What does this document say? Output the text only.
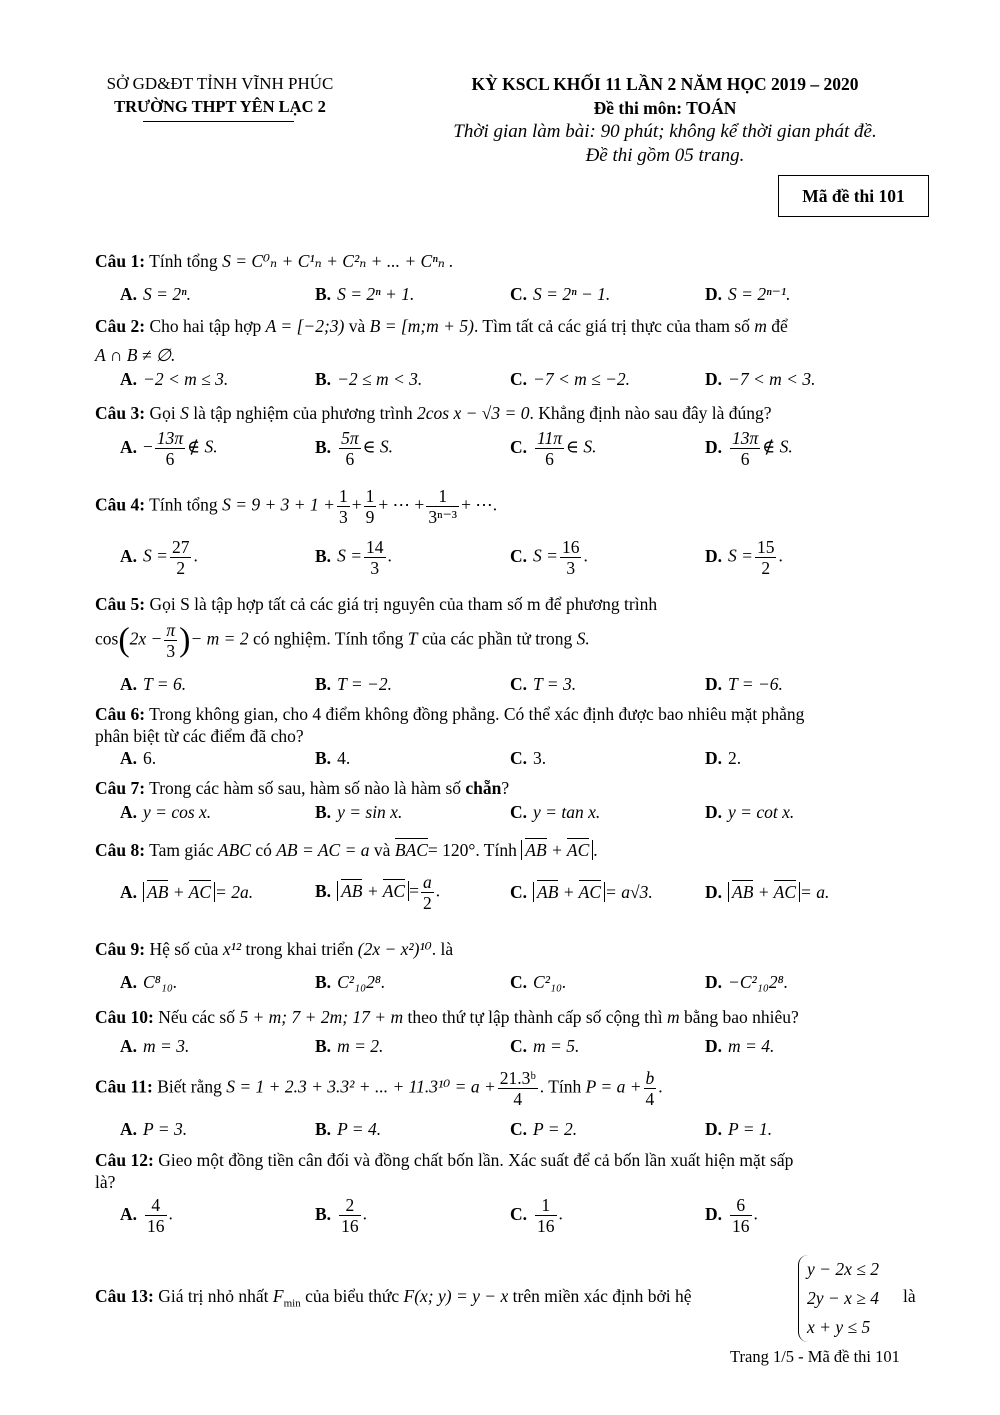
SỞ GD&ĐT TỈNH VĨNH PHÚC
TRƯỜNG THPT YÊN LẠC 2
KỲ KSCL KHỐI 11 LẦN 2 NĂM HỌC 2019 – 2020
Đề thi môn: TOÁN
Thời gian làm bài: 90 phút; không kể thời gian phát đề.
Đề thi gồm 05 trang.
Mã đề thi 101
Câu 1: Tính tổng S = C⁰ₙ + C¹ₙ + C²ₙ + ... + Cⁿₙ .
A. S = 2ⁿ.	B. S = 2ⁿ + 1.	C. S = 2ⁿ − 1.	D. S = 2ⁿ⁻¹.
Câu 2: Cho hai tập hợp A = [−2;3) và B = [m;m + 5). Tìm tất cả các giá trị thực của tham số m để
A ∩ B ≠ ∅.
A. −2 < m ≤ 3.	B. −2 ≤ m < 3.	C. −7 < m ≤ −2.	D. −7 < m < 3.
Câu 3: Gọi S là tập nghiệm của phương trình 2cos x − √3 = 0. Khẳng định nào sau đây là đúng?
A. − $\frac{13\pi}{6}$ ∉ S.	B. $\frac{5\pi}{6}$ ∈ S.	C. $\frac{11\pi}{6}$ ∈ S.	D. $\frac{13\pi}{6}$ ∉ S.
Câu 4: Tính tổng $S = 9 + 3 + 1 + \frac{1}{3} + \frac{1}{9}$ + ⋯ + $\frac{1}{\text{3ⁿ⁻³}}$ + ⋯.
A. $S = \frac{27}{2}$ .	B. $S = \frac{14}{3}$ .	C. $S = \frac{16}{3}$ .	D. $S = \frac{15}{2}$ .
Câu 5: Gọi S là tập hợp tất cả các giá trị nguyên của tham số m để phương trình
$\cos(2x - \frac{\pi}{3}$ )− m = 2 có nghiệm. Tính tổng T của các phần tử trong S.
A. T = 6.	B. T = −2.	C. T = 3.	D. T = −6.
Câu 6: Trong không gian, cho 4 điểm không đồng phẳng. Có thể xác định được bao nhiêu mặt phẳng
phân biệt từ các điểm đã cho?
A. 6.	B. 4.	C. 3.	D. 2.
Câu 7: Trong các hàm số sau, hàm số nào là hàm số chẵn?
A. y = cos x.	B. y = sin x.	C. y = tan x.	D. y = cot x.
Câu 8: Tam giác ABC có AB = AC = a và BAC= 120°. Tính AB + AC .
A. AB + AC = 2a.	B. AB + AC = $\frac{a}{2}$ .	C. AB + AC = a√3.	D. AB + AC = a.
Câu 9: Hệ số của x¹² trong khai triển (2x − x²)¹⁰. là
A. C⁸₁₀.	B. C²₁₀2⁸.	C. C²₁₀.	D. −C²₁₀2⁸.
Câu 10: Nếu các số 5 + m; 7 + 2m; 17 + m theo thứ tự lập thành cấp số cộng thì m bằng bao nhiêu?
A. m = 3.	B. m = 2.	C. m = 5.	D. m = 4.
Câu 11: Biết rằng S = 1 + 2.3 + 3.3² + ... + $11.3^{10} = a + \frac{\text{21.3ᵇ}}{4}$ . Tính $P = a + \frac{b}{4}$ .
A. P = 3.	B. P = 4.	C. P = 2.	D. P = 1.
Câu 12: Gieo một đồng tiền cân đối và đồng chất bốn lần. Xác suất để cả bốn lần xuất hiện mặt sấp
là?
A. $\frac{4}{16}$ .	B. $\frac{2}{16}$ .	C. $\frac{1}{16}$ .	D. $\frac{6}{16}$ .
Câu 13: Giá trị nhỏ nhất $F_{min}$ của biểu thức F(x; y) = y − x trên miền xác định bởi hệ
y − 2x ≤ 2
2y − x ≥ 4
x + y ≤ 5
là
Trang 1/5 - Mã đề thi 101
